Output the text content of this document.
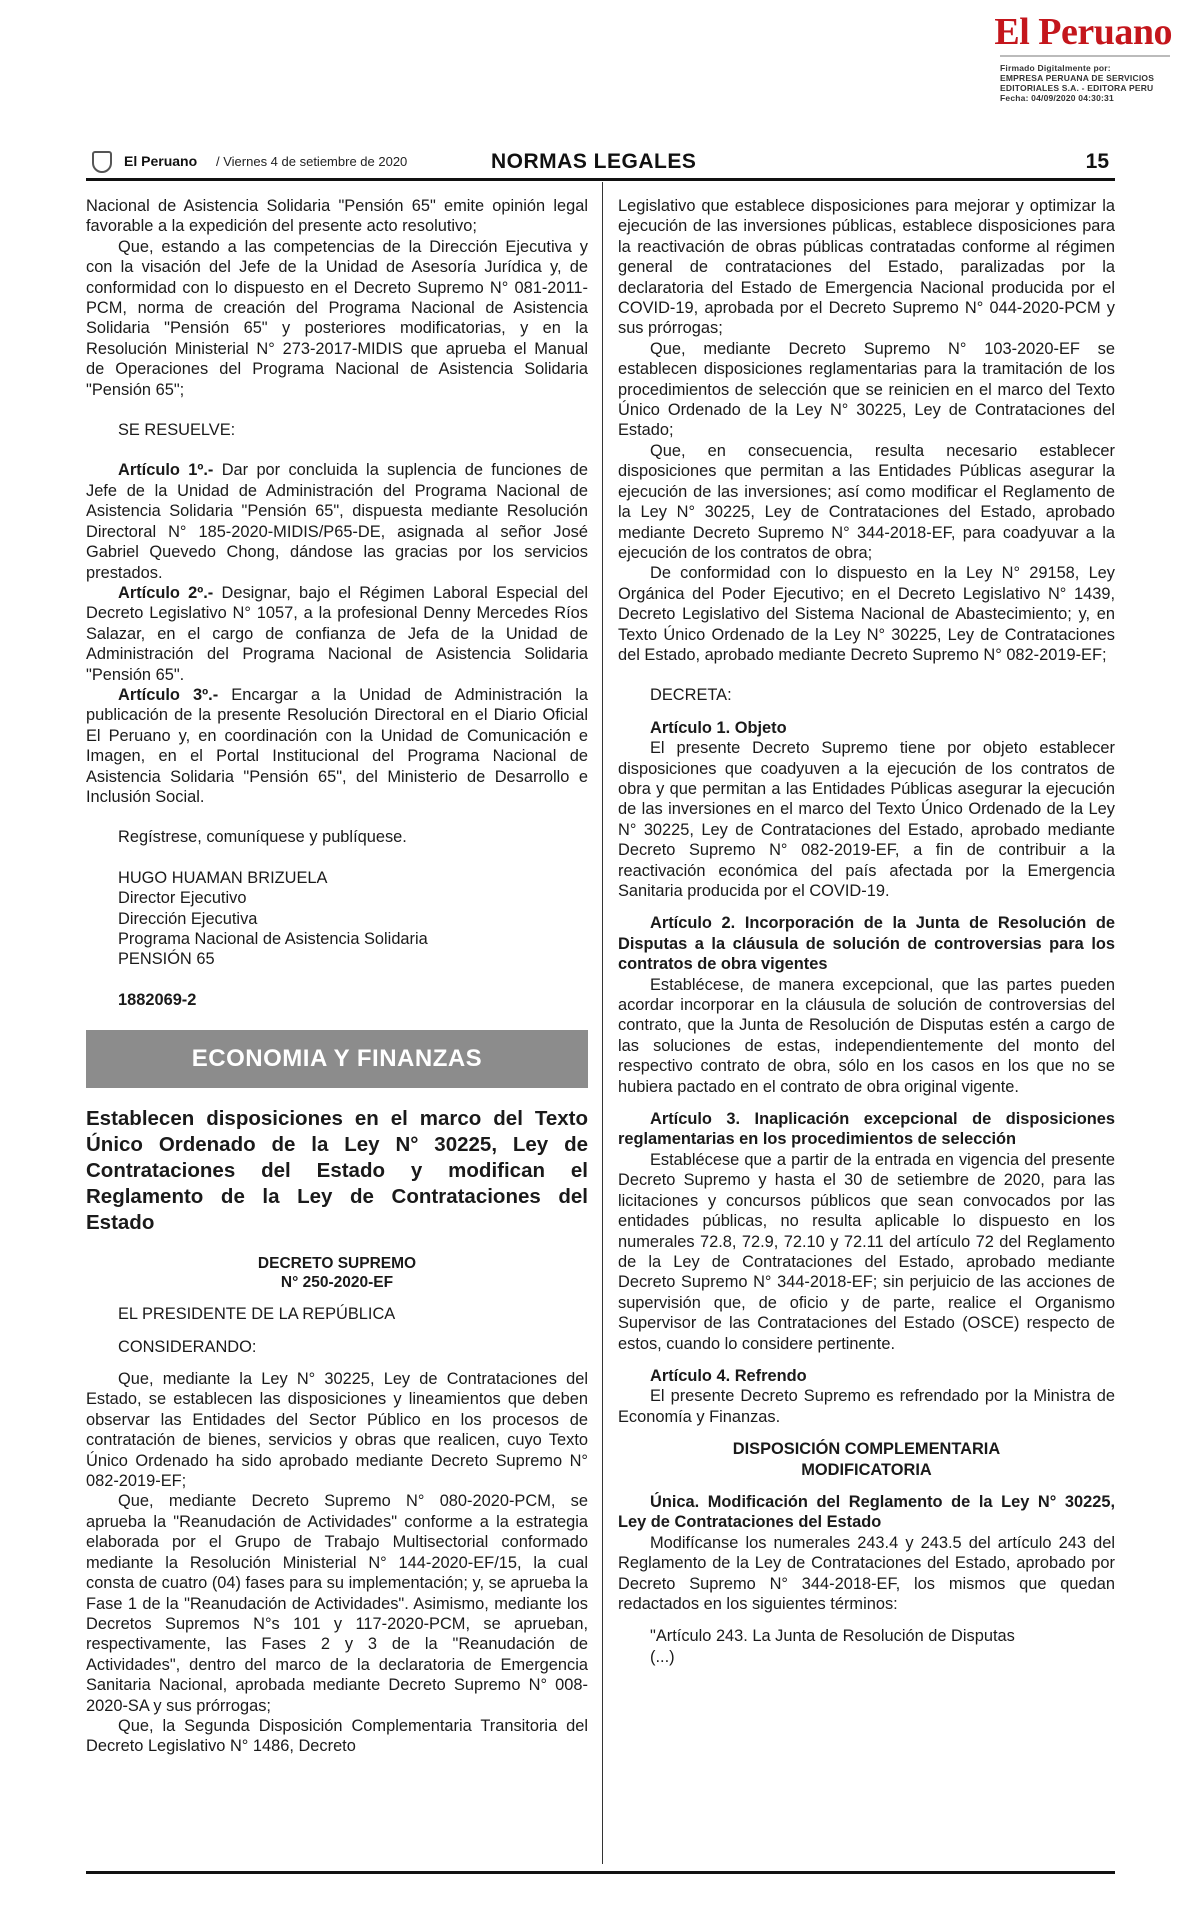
El Peruano
Firmado Digitalmente por:
EMPRESA PERUANA DE SERVICIOS
EDITORIALES S.A. - EDITORA PERU
Fecha: 04/09/2020 04:30:31
El Peruano / Viernes 4 de setiembre de 2020	NORMAS LEGALES	15

Nacional de Asistencia Solidaria "Pensión 65" emite opinión legal favorable a la expedición del presente acto resolutivo;

Que, estando a las competencias de la Dirección Ejecutiva y con la visación del Jefe de la Unidad de Asesoría Jurídica y, de conformidad con lo dispuesto en el Decreto Supremo N° 081-2011-PCM, norma de creación del Programa Nacional de Asistencia Solidaria "Pensión 65" y posteriores modificatorias, y en la Resolución Ministerial N° 273-2017-MIDIS que aprueba el Manual de Operaciones del Programa Nacional de Asistencia Solidaria "Pensión 65";

SE RESUELVE:

Artículo 1º.- Dar por concluida la suplencia de funciones de Jefe de la Unidad de Administración del Programa Nacional de Asistencia Solidaria "Pensión 65", dispuesta mediante Resolución Directoral N° 185-2020-MIDIS/P65-DE, asignada al señor José Gabriel Quevedo Chong, dándose las gracias por los servicios prestados.

Artículo 2º.- Designar, bajo el Régimen Laboral Especial del Decreto Legislativo N° 1057, a la profesional Denny Mercedes Ríos Salazar, en el cargo de confianza de Jefa de la Unidad de Administración del Programa Nacional de Asistencia Solidaria "Pensión 65".

Artículo 3º.- Encargar a la Unidad de Administración la publicación de la presente Resolución Directoral en el Diario Oficial El Peruano y, en coordinación con la Unidad de Comunicación e Imagen, en el Portal Institucional del Programa Nacional de Asistencia Solidaria "Pensión 65", del Ministerio de Desarrollo e Inclusión Social.

Regístrese, comuníquese y publíquese.

HUGO HUAMAN BRIZUELA

Director Ejecutivo

Dirección Ejecutiva

Programa Nacional de Asistencia Solidaria

PENSIÓN 65

1882069-2

ECONOMIA Y FINANZAS
Establecen disposiciones en el marco del Texto Único Ordenado de la Ley N° 30225, Ley de Contrataciones del Estado y modifican el Reglamento de la Ley de Contrataciones del Estado
DECRETO SUPREMO
N° 250-2020-EF

EL PRESIDENTE DE LA REPÚBLICA

CONSIDERANDO:

Que, mediante la Ley N° 30225, Ley de Contrataciones del Estado, se establecen las disposiciones y lineamientos que deben observar las Entidades del Sector Público en los procesos de contratación de bienes, servicios y obras que realicen, cuyo Texto Único Ordenado ha sido aprobado mediante Decreto Supremo N° 082-2019-EF;

Que, mediante Decreto Supremo N° 080-2020-PCM, se aprueba la "Reanudación de Actividades" conforme a la estrategia elaborada por el Grupo de Trabajo Multisectorial conformado mediante la Resolución Ministerial N° 144-2020-EF/15, la cual consta de cuatro (04) fases para su implementación; y, se aprueba la Fase 1 de la "Reanudación de Actividades". Asimismo, mediante los Decretos Supremos N°s 101 y 117-2020-PCM, se aprueban, respectivamente, las Fases 2 y 3 de la "Reanudación de Actividades", dentro del marco de la declaratoria de Emergencia Sanitaria Nacional, aprobada mediante Decreto Supremo N° 008-2020-SA y sus prórrogas;

Que, la Segunda Disposición Complementaria Transitoria del Decreto Legislativo N° 1486, Decreto

Legislativo que establece disposiciones para mejorar y optimizar la ejecución de las inversiones públicas, establece disposiciones para la reactivación de obras públicas contratadas conforme al régimen general de contrataciones del Estado, paralizadas por la declaratoria del Estado de Emergencia Nacional producida por el COVID-19, aprobada por el Decreto Supremo N° 044-2020-PCM y sus prórrogas;

Que, mediante Decreto Supremo N° 103-2020-EF se establecen disposiciones reglamentarias para la tramitación de los procedimientos de selección que se reinicien en el marco del Texto Único Ordenado de la Ley N° 30225, Ley de Contrataciones del Estado;

Que, en consecuencia, resulta necesario establecer disposiciones que permitan a las Entidades Públicas asegurar la ejecución de las inversiones; así como modificar el Reglamento de la Ley N° 30225, Ley de Contrataciones del Estado, aprobado mediante Decreto Supremo N° 344-2018-EF, para coadyuvar a la ejecución de los contratos de obra;

De conformidad con lo dispuesto en la Ley N° 29158, Ley Orgánica del Poder Ejecutivo; en el Decreto Legislativo N° 1439, Decreto Legislativo del Sistema Nacional de Abastecimiento; y, en Texto Único Ordenado de la Ley N° 30225, Ley de Contrataciones del Estado, aprobado mediante Decreto Supremo N° 082-2019-EF;

DECRETA:

Artículo 1. Objeto

El presente Decreto Supremo tiene por objeto establecer disposiciones que coadyuven a la ejecución de los contratos de obra y que permitan a las Entidades Públicas asegurar la ejecución de las inversiones en el marco del Texto Único Ordenado de la Ley N° 30225, Ley de Contrataciones del Estado, aprobado mediante Decreto Supremo N° 082-2019-EF, a fin de contribuir a la reactivación económica del país afectada por la Emergencia Sanitaria producida por el COVID-19.

Artículo 2. Incorporación de la Junta de Resolución de Disputas a la cláusula de solución de controversias para los contratos de obra vigentes

Establécese, de manera excepcional, que las partes pueden acordar incorporar en la cláusula de solución de controversias del contrato, que la Junta de Resolución de Disputas estén a cargo de las soluciones de estas, independientemente del monto del respectivo contrato de obra, sólo en los casos en los que no se hubiera pactado en el contrato de obra original vigente.

Artículo 3. Inaplicación excepcional de disposiciones reglamentarias en los procedimientos de selección

Establécese que a partir de la entrada en vigencia del presente Decreto Supremo y hasta el 30 de setiembre de 2020, para las licitaciones y concursos públicos que sean convocados por las entidades públicas, no resulta aplicable lo dispuesto en los numerales 72.8, 72.9, 72.10 y 72.11 del artículo 72 del Reglamento de la Ley de Contrataciones del Estado, aprobado mediante Decreto Supremo N° 344-2018-EF; sin perjuicio de las acciones de supervisión que, de oficio y de parte, realice el Organismo Supervisor de las Contrataciones del Estado (OSCE) respecto de estos, cuando lo considere pertinente.

Artículo 4. Refrendo

El presente Decreto Supremo es refrendado por la Ministra de Economía y Finanzas.

DISPOSICIÓN COMPLEMENTARIA

MODIFICATORIA

Única. Modificación del Reglamento de la Ley N° 30225, Ley de Contrataciones del Estado

Modifícanse los numerales 243.4 y 243.5 del artículo 243 del Reglamento de la Ley de Contrataciones del Estado, aprobado por Decreto Supremo N° 344-2018-EF, los mismos que quedan redactados en los siguientes términos:

"Artículo 243. La Junta de Resolución de Disputas

(...)
